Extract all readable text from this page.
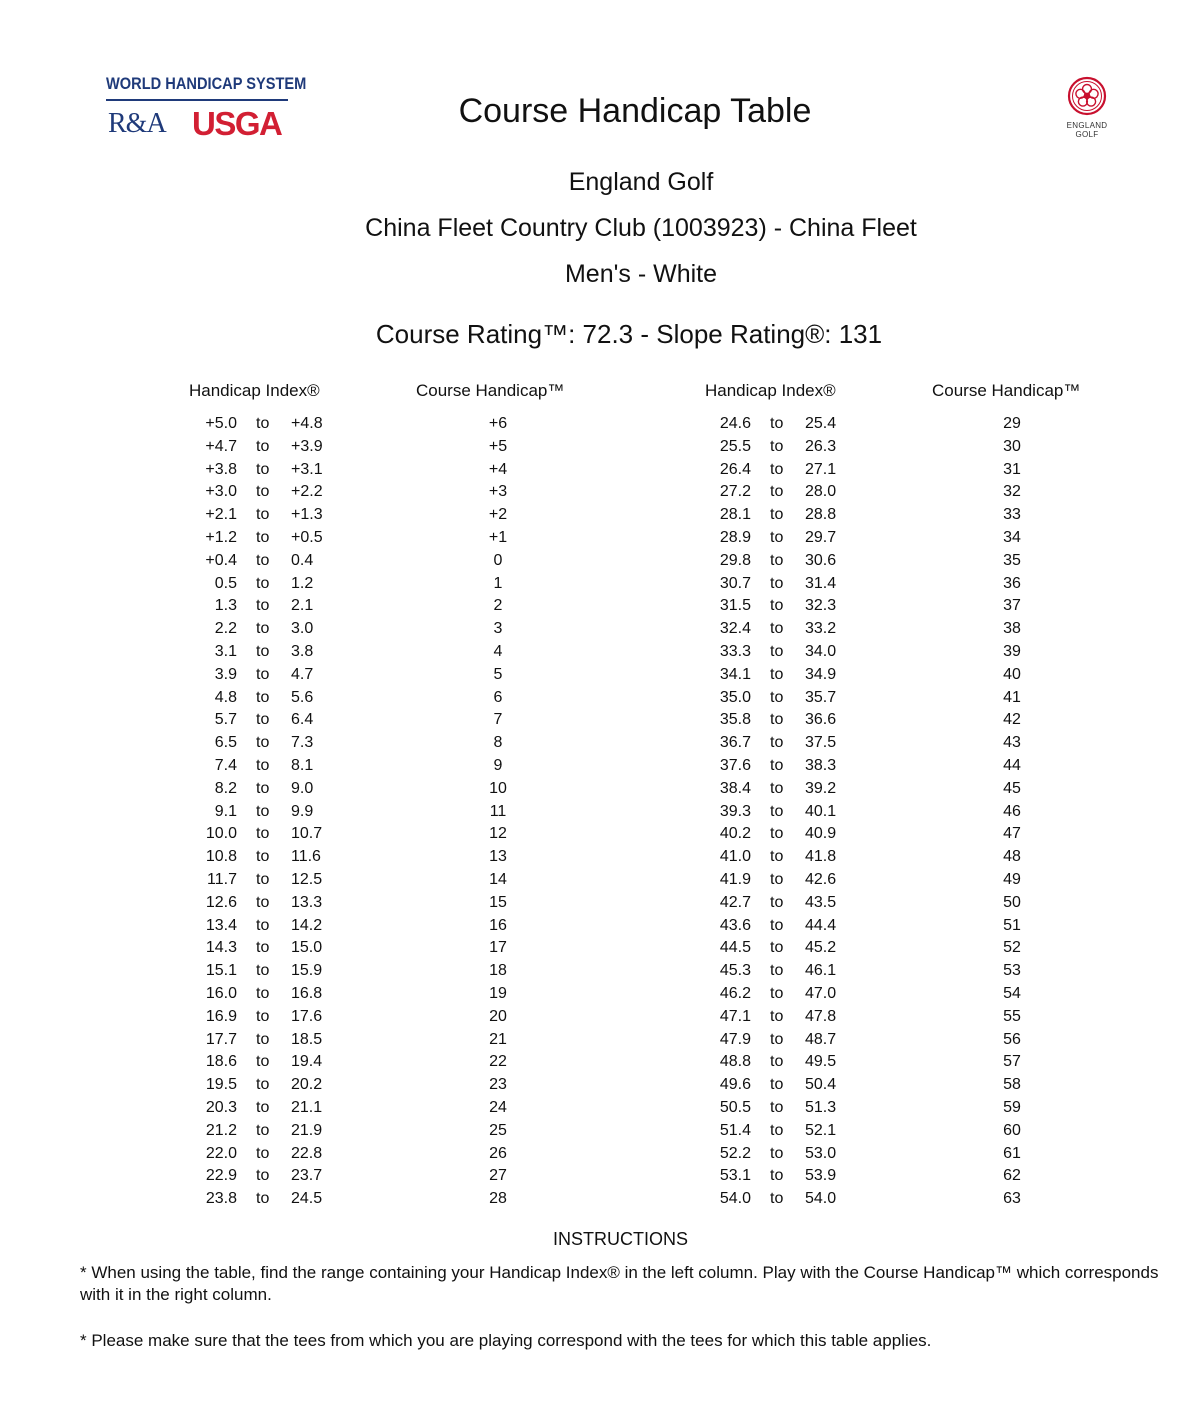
WORLD HANDICAP SYSTEM
R&A USGA	ENGLAND
GOLF
Course Handicap Table
England Golf
China Fleet Country Club (1003923) - China Fleet
Men's - White
Course Rating™: 72.3 - Slope Rating®: 131
Handicap Index®	Course Handicap™	Handicap Index®	Course Handicap™
+5.0 to	+4.8	+6
+4.7 to	+3.9	+5
+3.8 to	+3.1	+4
+3.0 to	+2.2	+3
+2.1 to	+1.3	+2
+1.2 to	+0.5	+1
+0.4 to	0.4	0
0.5 to	1.2	1
1.3 to	2.1	2
2.2 to	3.0	3
3.1 to	3.8	4
3.9 to	4.7	5
4.8 to	5.6	6
5.7 to	6.4	7
6.5 to	7.3	8
7.4 to	8.1	9
8.2 to	9.0	10
9.1 to	9.9	11
10.0 to	10.7	12
10.8 to	11.6	13
11.7 to	12.5	14
12.6 to	13.3	15
13.4 to	14.2	16
14.3 to	15.0	17
15.1 to	15.9	18
16.0 to	16.8	19
16.9 to	17.6	20
17.7 to	18.5	21
18.6 to	19.4	22
19.5 to	20.2	23
20.3 to	21.1	24
21.2 to	21.9	25
22.0 to	22.8	26
22.9 to	23.7	27
23.8 to	24.5	28
24.6 to	25.4	29
25.5 to	26.3	30
26.4 to	27.1	31
27.2 to	28.0	32
28.1 to	28.8	33
28.9 to	29.7	34
29.8 to	30.6	35
30.7 to	31.4	36
31.5 to	32.3	37
32.4 to	33.2	38
33.3 to	34.0	39
34.1 to	34.9	40
35.0 to	35.7	41
35.8 to	36.6	42
36.7 to	37.5	43
37.6 to	38.3	44
38.4 to	39.2	45
39.3 to	40.1	46
40.2 to	40.9	47
41.0 to	41.8	48
41.9 to	42.6	49
42.7 to	43.5	50
43.6 to	44.4	51
44.5 to	45.2	52
45.3 to	46.1	53
46.2 to	47.0	54
47.1 to	47.8	55
47.9 to	48.7	56
48.8 to	49.5	57
49.6 to	50.4	58
50.5 to	51.3	59
51.4 to	52.1	60
52.2 to	53.0	61
53.1 to	53.9	62
54.0 to	54.0	63
INSTRUCTIONS
* When using the table, find the range containing your Handicap Index® in the left column. Play with the Course Handicap™ which corresponds with it in the right column.
* Please make sure that the tees from which you are playing correspond with the tees for which this table applies.
